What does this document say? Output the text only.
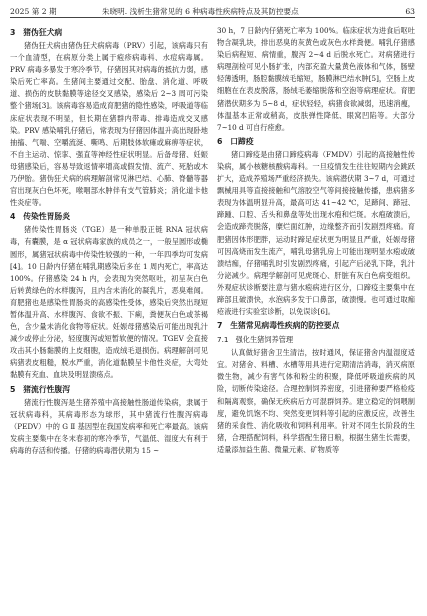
2025 第 2 期	朱晓明. 浅析生猪常见的 6 种病毒性疾病特点及其防控要点	63
3　猪伪狂犬病

猪伪狂犬病由猪伪狂犬病病毒（PRV）引起，该病毒只有一个血清型，在病原分类上属于疱疹病毒科、水痘病毒属。PRV 病毒多暴发于寒冷季节，仔猪因其对病毒的抵抗力弱，感染后死亡率高。生猪间主要通过交配、胎盘、消化道、呼吸道、损伤的皮肤黏膜等途径交叉感染，感染后 2~3 周可污染整个猪场[3]。该病毒容易造成育肥猪的隐性感染，呼吸道等临床症状表现不明显，但长期在猪群内带毒、排毒造成交叉感染。PRV 感染哺乳仔猪后，常表现为仔猪因体温升高出现卧地抽搐、气喘、空嚼流涎、嘶鸣、后期肢体软瘫或麻痹等症状，不自主运动、惊挛、强直等神经性症状明显。后备母猪、妊娠母猪感染后，容易导致返情率增高或假发情、流产、死胎或木乃伊胎。猪伪狂犬病的病理解剖常见淋巴结、心肺、脊髓等器官出现灰白色坏死，喉咽部水肿伴有支气管肺炎；消化道卡他性炎症等。

4　传染性胃肠炎

猪传染性胃肠炎（TGE）是一种单股正链 RNA 冠状病毒，有囊膜，是 α 冠状病毒家族的成员之一，一般呈圆形或椭圆形，属猪冠状病毒中传染性较强的一种，一年四季均可发病[4]。10 日龄内仔猪在哺乳期感染后多在 1 周内死亡，率高达 100%。仔猪感染 24 h 内，会表现为突然呕吐，初呈灰白色后转黄绿色的水样腹泻，且内含未消化的凝乳片，恶臭难闻。育肥猪也是感染性胃肠炎的高感染性受体，感染后突然出现短暂体温升高、水样腹泻、食欲不振、下痢，粪便灰白色或茶褐色，含少量未消化食物等症状。妊娠母猪感染后可能出现乳汁减少或停止分泌，轻度腹泻或短暂软便的情况。TGEV 会直接攻击其小肠黏膜的上皮细胞，造成绒毛退损伤。病理解剖可见病猪表皮粗糙，脱水严重，消化道黏膜呈卡他性炎症，大弯处黏膜有充血、血块及明显溃疡点。

5　猪流行性腹泻

猪流行性腹泻是生猪养殖中高接触性肠道传染病，隶属于冠状病毒科，其病毒形态为球形，其中猪流行性腹泻病毒（PEDV）中的 G Ⅱ 基因型在我国发病率和死亡率最高。该病发病主要集中在冬末春初的寒冷季节，气温低、湿度大有利于病毒的存活和传播。仔猪的病毒潜伏期为 15 ~

30 h，7 日龄内仔猪死亡率为 100%。临床症状为进食后呕吐物含凝乳块，排出恶臭的灰黄色或灰色水样粪便。哺乳仔猪感染后病程短、病情重，腹泻 2~4 d 后脱水死亡。对病猪进行病理剖检可见小肠扩张，内部充盈大量黄色液体和气体，肠壁轻薄透明，肠腔黏膜绒毛缩短，肠膜淋巴结水肿[5]，空肠上皮细胞在在表皮脱落，肠绒毛萎缩脱落和空泡等病理症状。育肥猪潜伏期多为 5~8 d，症状轻轻，病猪食欲减弱，迅速消瘦，体温基本正常或稍高，皮肤弹性降低、眼窝凹陷等。大部分 7~10 d 可自行痊愈。

6　口蹄疫

猪口蹄疫是由猪口蹄疫病毒（FMDV）引起的高接触性传染病，属小核糖核酸病毒科。一旦疫情发生往往短期内会跳跃扩大，造成养殖场严重经济损失。该病潜伏期 3~7 d，可通过飘械用具等直接接触和气溶胶空气等间接接触传播，患病猪多表现为体温明显升高，最高可达 41~42 ℃，足蹄间、蹄冠、蹄踵、口腔、舌头和鼻盘等处出现水疱和烂斑。水疱破溃后，会造成蹄壳脱落，糜烂面红肿，边缘整齐而引发剧烈疼痛。育肥猪因体形肥胖，运动时蹄足症状更为明显且严重，妊娠母猪可因高烧而发生流产，哺乳母猪乳房上可能出现明显水疱或破溃结痂，仔猪哺乳时引发剧烈疼痛，引起产后泌乳下降，乳汁分泌减少。病理学解剖可见虎斑心、肝脏有灰白色病变组织。外观症状诊断要注意与猪水疱病进行区分，口蹄疫主要集中在蹄部且破溃快，水泡病多发于口鼻部，破溃慢。也可通过取痂疮液进行实验室诊断，以免误诊[6]。

7　生猪常见病毒性疾病的防控要点
7.1　强化生猪饲养管理

认真做好猪舍卫生清洁，按时通风，保证猪舍内温湿度适宜。对猪舍、料槽、水槽等用具进行定期清洁消毒，消灭病原微生物，减少有害气体和粉尘的积聚，降低呼吸道疾病的风险，切断传染途径。合理控制饲养密度，引进猪种要严格检疫和隔离观察，确保无疾病后方可混群饲养。建立稳定的饲喂制度，避免饥饱不均、突然变更饲料等引起的应激反应，改善生猪的采食性、消化吸收和饲料利用率。针对不同生长阶段的生猪，合理搭配饲料，科学搭配生猪日粮，根据生猪生长需要，适量添加益生菌、微量元素、矿物质等
